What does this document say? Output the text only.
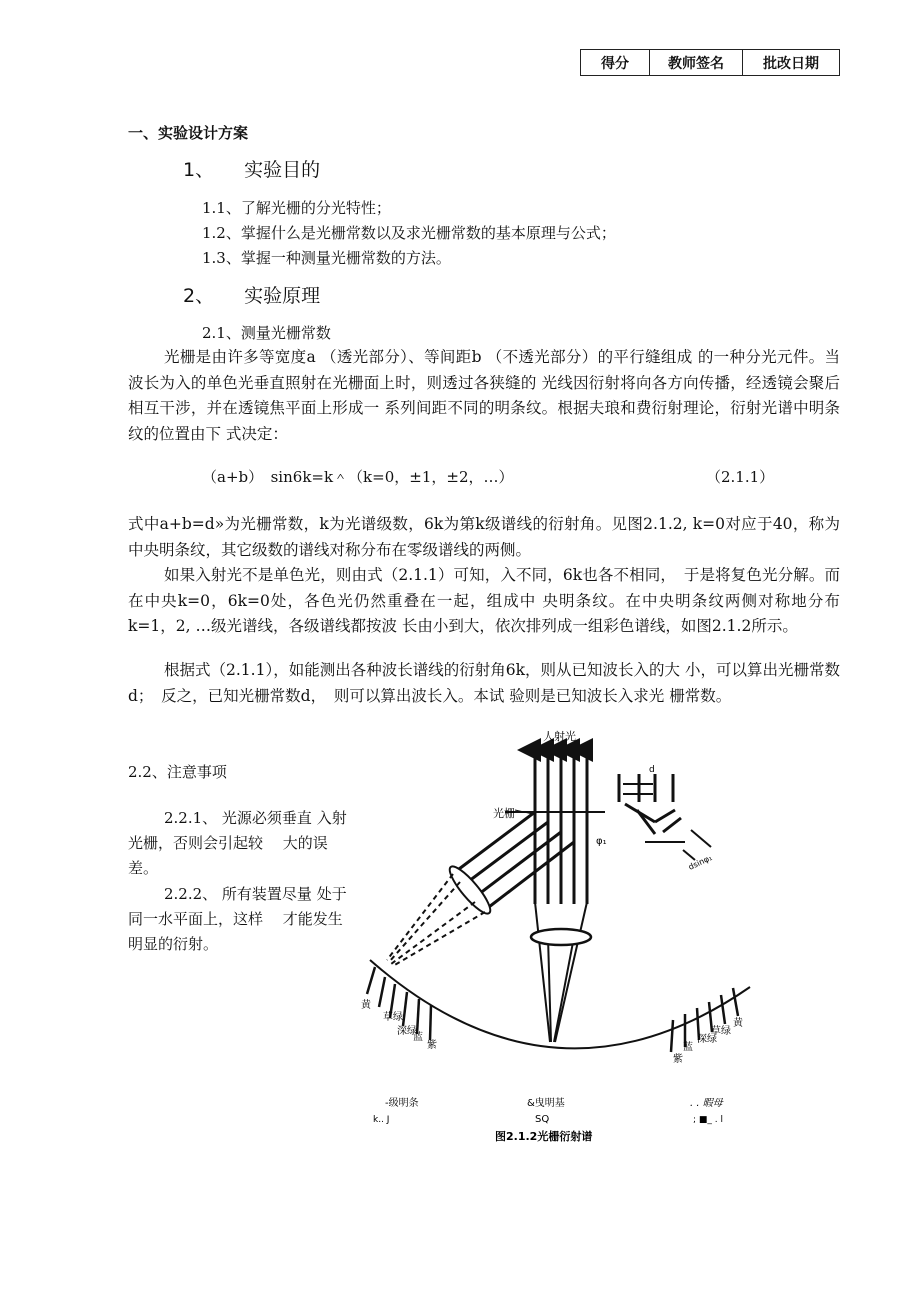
得分	教师签名	批改日期
一、实验设计方案
1、 实验目的
1.1、了解光栅的分光特性；
1.2、掌握什么是光栅常数以及求光栅常数的基本原理与公式；
1.3、掌握一种测量光栅常数的方法。
2、 实验原理
2.1、测量光栅常数
光栅是由许多等宽度a （透光部分）、等间距b （不透光部分）的平行缝组成 的一种分光元件。当波长为入的单色光垂直照射在光栅面上时，则透过各狭缝的 光线因衍射将向各方向传播，经透镜会聚后相互干涉，并在透镜焦平面上形成一 系列间距不同的明条纹。根据夫琅和费衍射理论，衍射光谱中明条纹的位置由下 式决定：
（a+b）　sin6k=k＾（k=0，±1，±2，…）	（2.1.1）
式中a+b=d»为光栅常数，k为光谱级数，6k为第k级谱线的衍射角。见图2.1.2, k=0对应于40，称为中央明条纹，其它级数的谱线对称分布在零级谱线的两侧。
如果入射光不是单色光，则由式（2.1.1）可知，入不同，6k也各不相同，　于是将复色光分解。而在中央k=0，6k=0处，各色光仍然重叠在一起，组成中 央明条纹。在中央明条纹两侧对称地分布k=1，2, …级光谱线，各级谱线都按波 长由小到大，依次排列成一组彩色谱线，如图2.1.2所示。
根据式（2.1.1），如能测出各种波长谱线的衍射角6k，则从已知波长入的大 小，可以算出光栅常数d；　反之，已知光栅常数d，　则可以算出波长入。本试 验则是已知波长入求光 栅常数。
2.2、注意事项
2.2.1、 光源必须垂直 入射光栅，否则会引起较　 大的误差。
2.2.2、 所有装置尽量 处于同一水平面上，这样　 才能发生明显的衍射。
人射光
光栅
φ₁
黄
草绿
深绿
蓝
紫
紫
蓝
深绿
草绿
黄
d
dsinφ₁
-级明条
k.. J
&曳明基
SQ
. . 暇母
; ■_ . l
图2.1.2光栅衍射谱
